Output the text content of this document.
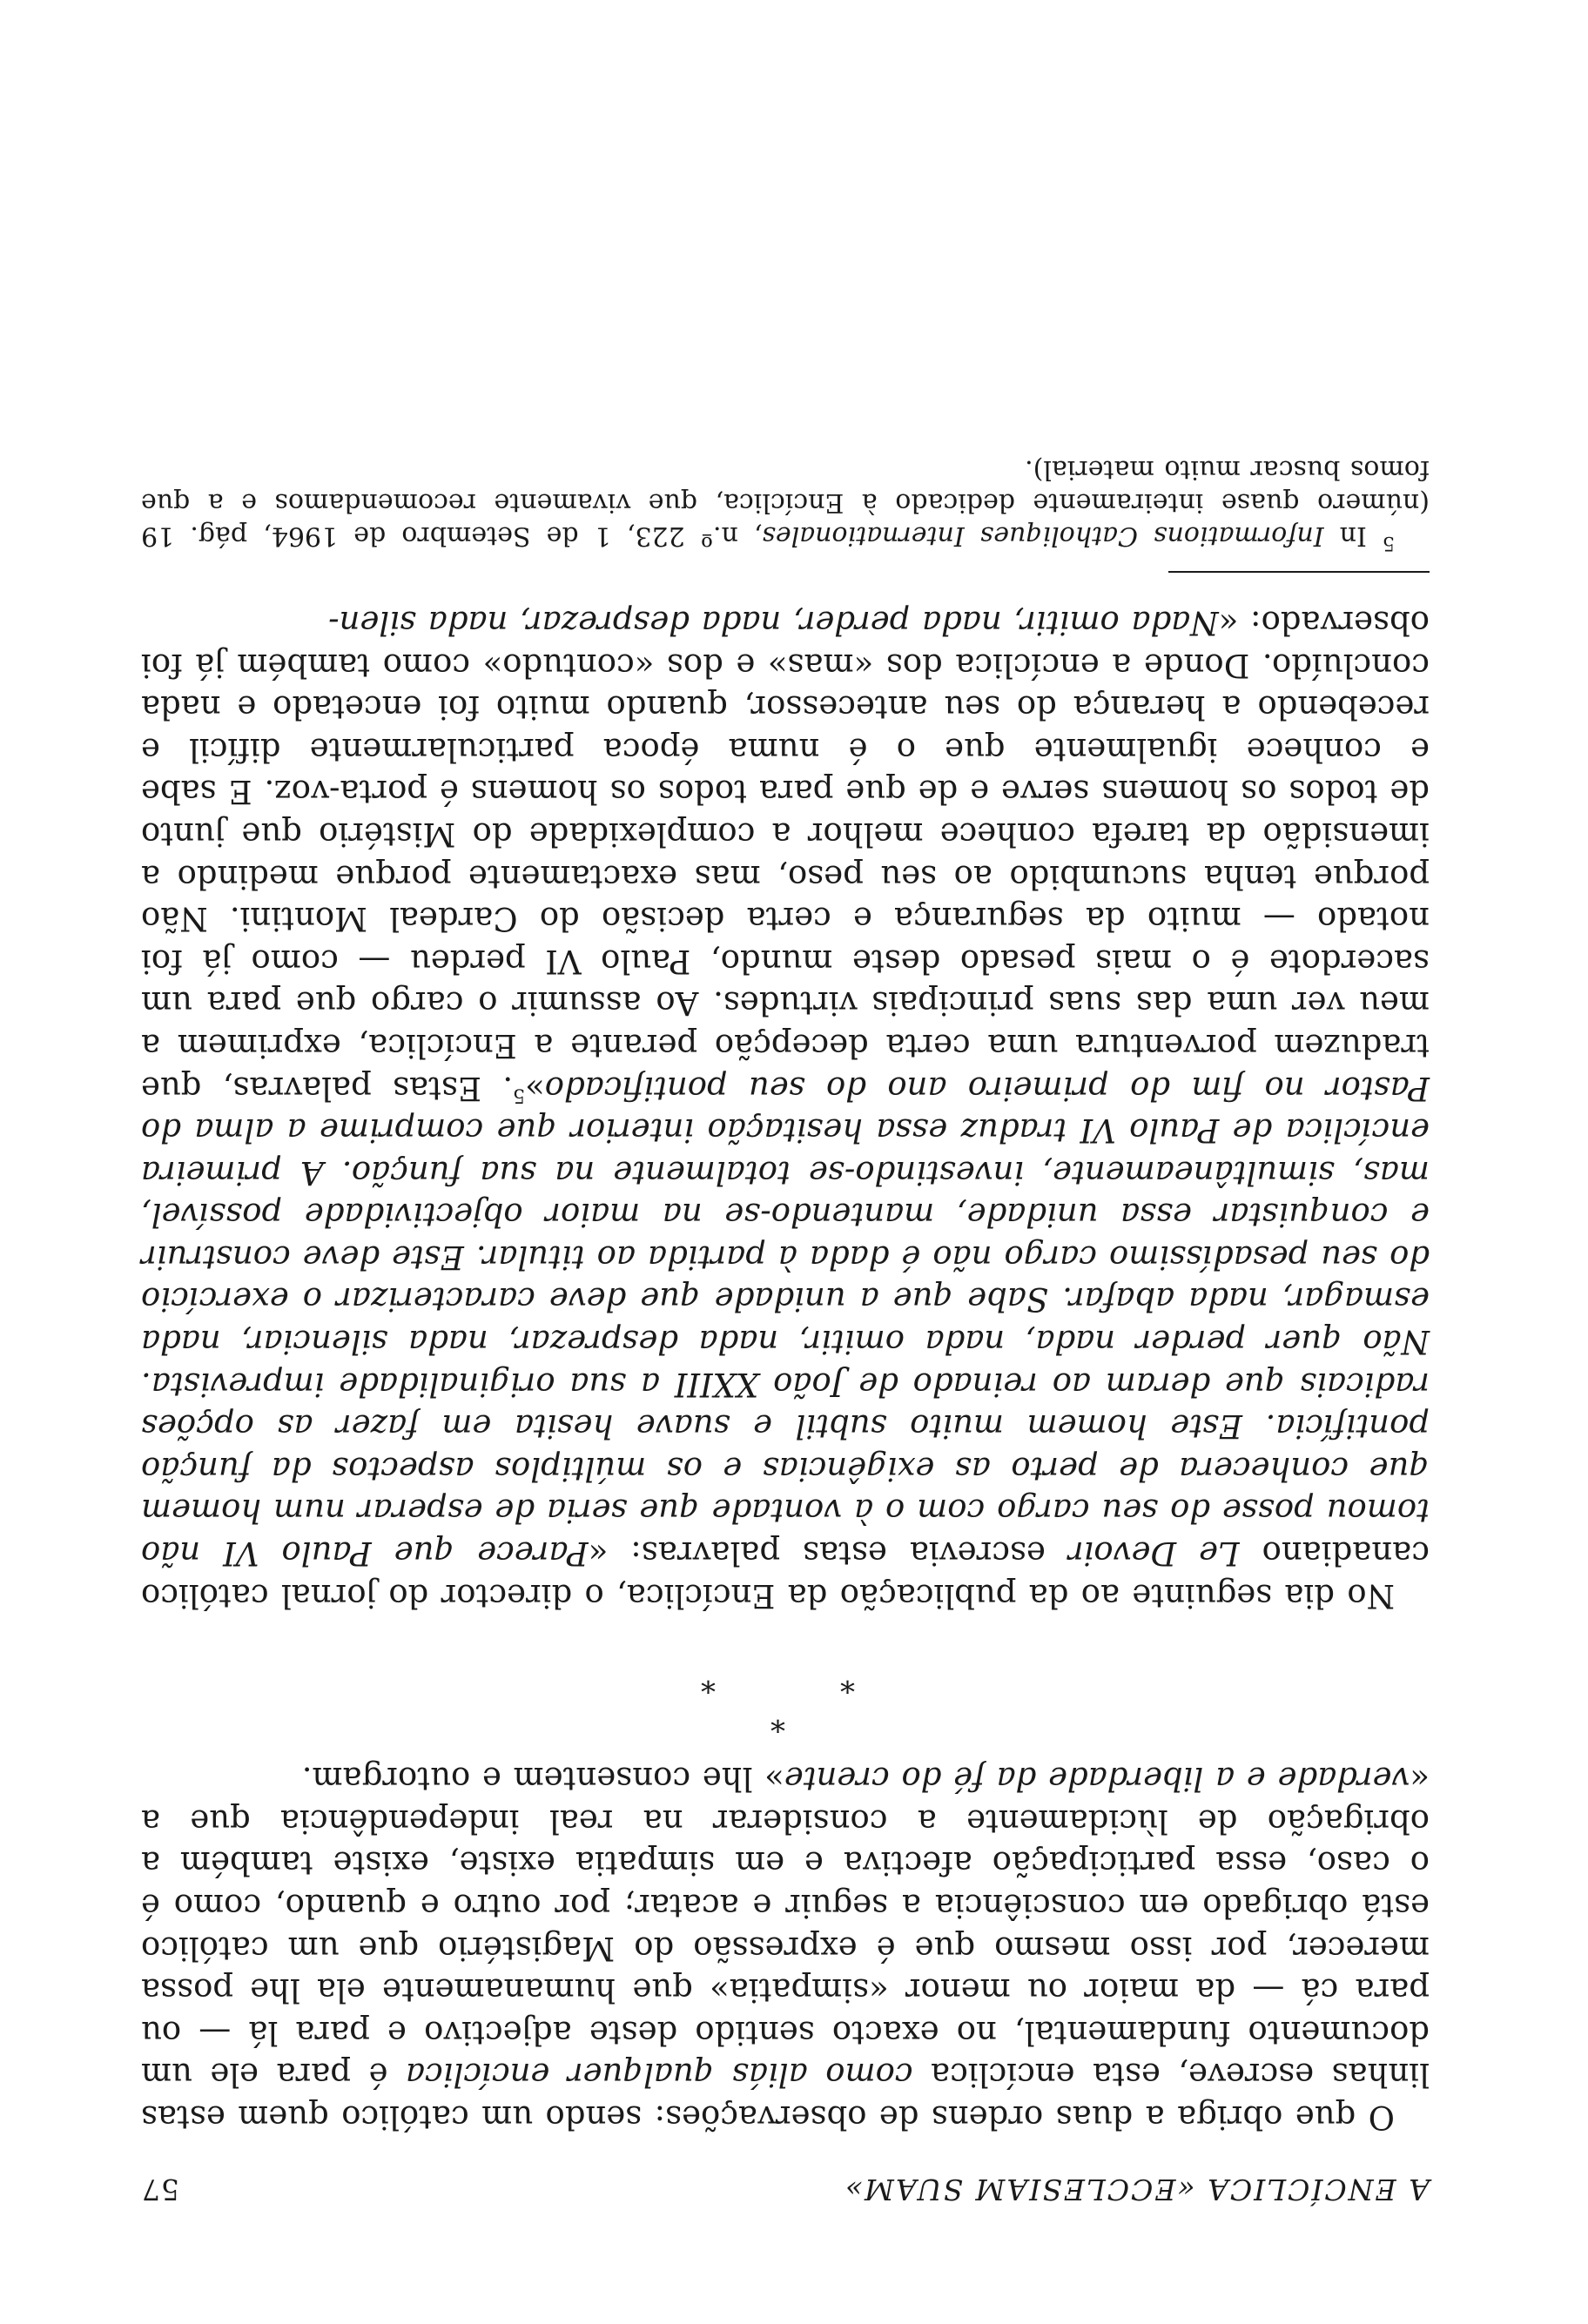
A ENCÍCLICA «ECCLESIAM SUAM»
57

O que obriga a duas ordens de observações: sendo um católico quem estas linhas escreve, esta encíclica como aliás qualquer encíclica é para ele um documento fundamental, no exacto sentido deste adjectivo e para lá — ou para cá — da maior ou menor «simpatia» que humanamente ela lhe possa merecer, por isso mesmo que é expressão do Magistério que um católico está obrigado em consciência a seguir e acatar; por outro e quando, como é o caso, essa participação afectiva e em simpatia existe, existe também a obrigação de lùcidamente a considerar na real independência que a «verdade e a liberdade da fé do crente» lhe consentem e outorgam.

*
*
*

No dia seguinte ao da publicação da Encíclica, o director do jornal católico canadiano Le Devoir escrevia estas palavras: «Parece que Paulo VI não tomou posse do seu cargo com o à vontade que seria de esperar num homem que conhecera de perto as exigências e os múltiplos aspectos da função pontifícia. Este homem muito subtil e suave hesita em fazer as opções radicais que deram ao reinado de João XXIII a sua originalidade imprevista. Não quer perder nada, nada omitir, nada desprezar, nada silenciar, nada esmagar, nada abafar. Sabe que a unidade que deve caracterizar o exercício do seu pesadíssimo cargo não é dada à partida ao titular. Este deve construir e conquistar essa unidade, mantendo-se na maior objectividade possível, mas, simultâneamente, investindo-se totalmente na sua função. A primeira encíclica de Paulo VI traduz essa hesitação interior que comprime a alma do Pastor no fim do primeiro ano do seu pontificado»$^5$. Estas palavras, que traduzem porventura uma certa decepção perante a Encíclica, exprimem a meu ver uma das suas principais virtudes. Ao assumir o cargo que para um sacerdote é o mais pesado deste mundo, Paulo VI perdeu — como já foi notado — muito da segurança e certa decisão do Cardeal Montini. Não porque tenha sucumbido ao seu peso, mas exactamente porque medindo a imensidão da tarefa conhece melhor a complexidade do Mistério que junto de todos os homens serve e de que para todos os homens é porta-voz. E sabe e conhece igualmente que o é numa época particularmente difícil e recebendo a herança do seu antecessor, quando muito foi encetado e nada concluído. Donde a encíclica dos «mas» e dos «contudo» como também já foi observado: «Nada omitir, nada perder, nada desprezar, nada silen-

$^5$ In Informations Catholiques Internationales, n.º 223, 1 de Setembro de 1964, pág. 19 (número quase inteiramente dedicado à Encíclica, que vivamente recomendamos e a que fomos buscar muito material).
